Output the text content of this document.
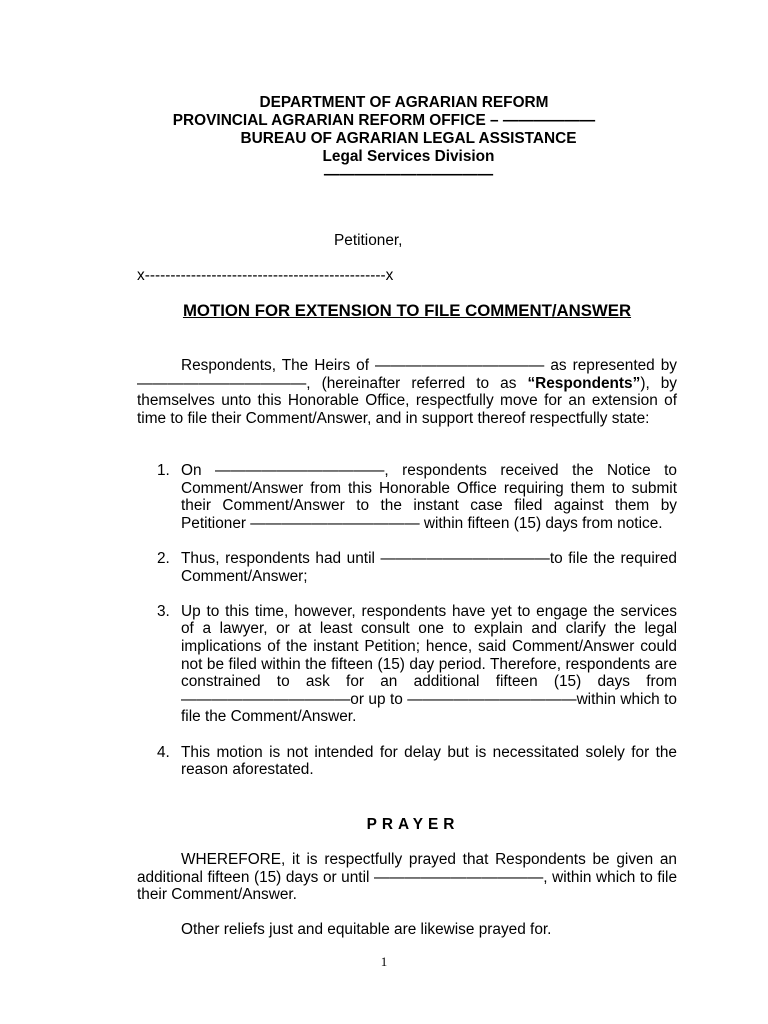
DEPARTMENT OF AGRARIAN REFORM
PROVINCIAL AGRARIAN REFORM OFFICE – ——————
BUREAU OF AGRARIAN LEGAL ASSISTANCE
Legal Services Division
———————————
Petitioner,
x-----------------------------------------------x
MOTION FOR EXTENSION TO FILE COMMENT/ANSWER

Respondents, The Heirs of ——————————— as represented by ———————————, (hereinafter referred to as “Respondents”), by themselves unto this Honorable Office, respectfully move for an extension of time to file their Comment/Answer, and in support thereof respectfully state:

1. On ———————————, respondents received the Notice to Comment/Answer from this Honorable Office requiring them to submit their Comment/Answer to the instant case filed against them by Petitioner ——————————— within fifteen (15) days from notice.
2. Thus, respondents had until ———————————to file the required Comment/Answer;
3. Up to this time, however, respondents have yet to engage the services of a lawyer, or at least consult one to explain and clarify the legal implications of the instant Petition; hence, said Comment/Answer could not be filed within the fifteen (15) day period. Therefore, respondents are constrained to ask for an additional fifteen (15) days from ———————————or up to ———————————within which to file the Comment/Answer.
4. This motion is not intended for delay but is necessitated solely for the reason aforestated.
PRAYER

WHEREFORE, it is respectfully prayed that Respondents be given an additional fifteen (15) days or until ———————————, within which to file their Comment/Answer.

Other reliefs just and equitable are likewise prayed for.
1
